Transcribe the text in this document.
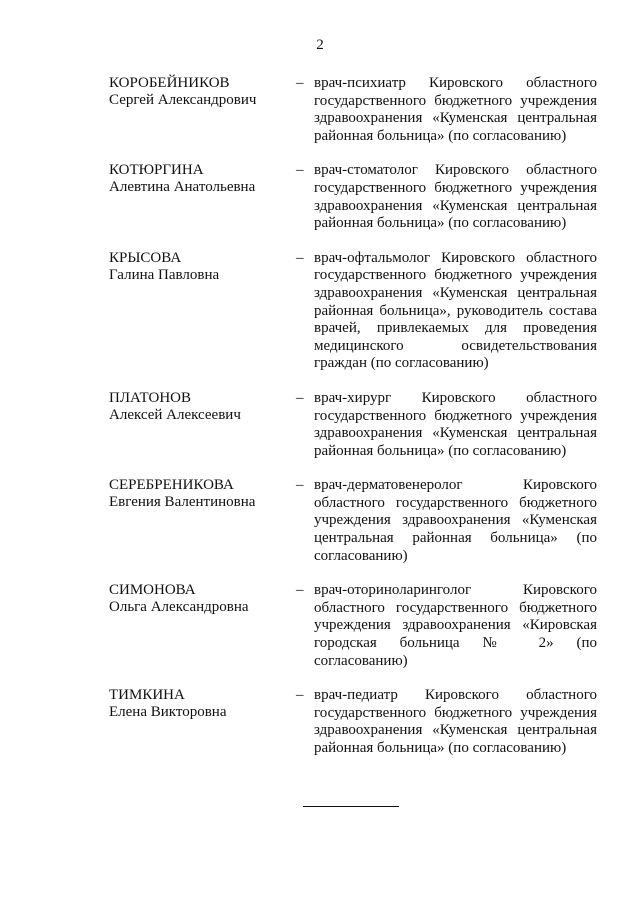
2
КОРОБЕЙНИКОВ
Сергей Александрович
– врач-психиатр Кировского областного государственного бюджетного учреждения здравоохранения «Куменская центральная районная больница» (по согласованию)
КОТЮРГИНА
Алевтина Анатольевна
– врач-стоматолог Кировского областного государственного бюджетного учреждения здравоохранения «Куменская центральная районная больница» (по согласованию)
КРЫСОВА
Галина Павловна
– врач-офтальмолог Кировского областного государственного бюджетного учреждения здравоохранения «Куменская центральная районная больница», руководитель состава врачей, привлекаемых для проведения медицинского освидетельствования граждан (по согласованию)
ПЛАТОНОВ
Алексей Алексеевич
– врач-хирург Кировского областного государственного бюджетного учреждения здравоохранения «Куменская центральная районная больница» (по согласованию)
СЕРЕБРЕНИКОВА
Евгения Валентиновна
– врач-дерматовенеролог Кировского областного государственного бюджетного учреждения здравоохранения «Куменская центральная районная больница» (по согласованию)
СИМОНОВА
Ольга Александровна
– врач-оториноларинголог Кировского областного государственного бюджетного учреждения здравоохранения «Кировская городская больница № 2» (по согласованию)
ТИМКИНА
Елена Викторовна
– врач-педиатр Кировского областного государственного бюджетного учреждения здравоохранения «Куменская центральная районная больница» (по согласованию)
